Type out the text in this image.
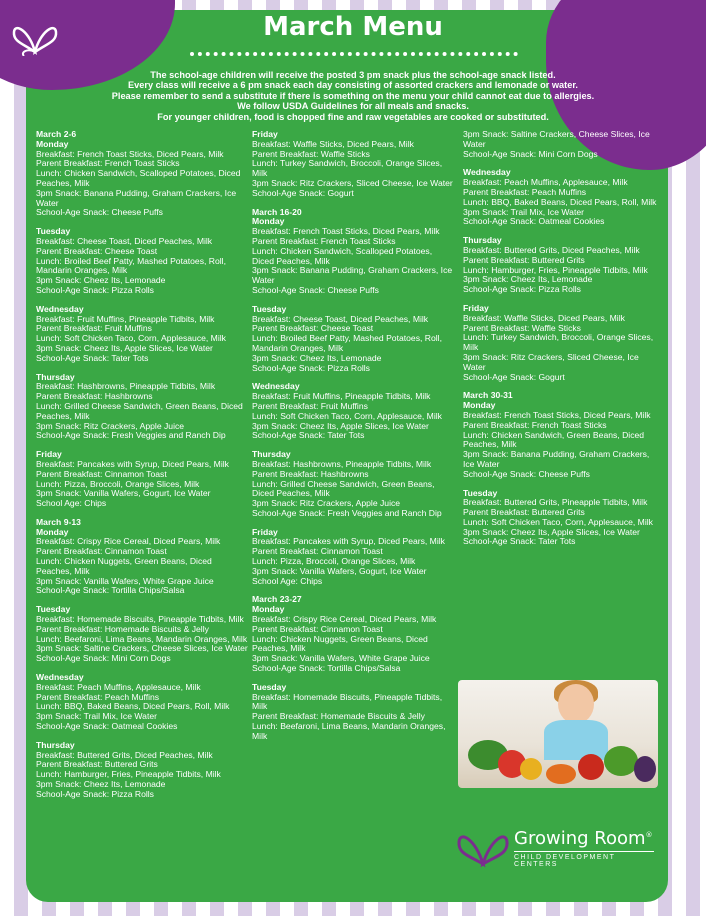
March Menu
The school-age children will receive the posted 3 pm snack plus the school-age snack listed.
Every class will receive a 6 pm snack each day consisting of assorted crackers and lemonade or water.
Please remember to send a substitute if there is something on the menu your child cannot eat due to allergies.
We follow USDA Guidelines for all meals and snacks.
For younger children, food is chopped fine and raw vegetables are cooked or substituted.
March 2-6
Monday
Breakfast: French Toast Sticks, Diced Pears, Milk
Parent Breakfast: French Toast Sticks
Lunch: Chicken Sandwich, Scalloped Potatoes, Diced Peaches, Milk
3pm Snack: Banana Pudding, Graham Crackers, Ice Water
School-Age Snack: Cheese Puffs
Tuesday
Breakfast: Cheese Toast, Diced Peaches, Milk
Parent Breakfast: Cheese Toast
Lunch: Broiled Beef Patty, Mashed Potatoes, Roll, Mandarin Oranges, Milk
3pm Snack: Cheez Its, Lemonade
School-Age Snack: Pizza Rolls
Wednesday
Breakfast: Fruit Muffins, Pineapple Tidbits, Milk
Parent Breakfast: Fruit Muffins
Lunch: Soft Chicken Taco, Corn, Applesauce, Milk
3pm Snack: Cheez Its, Apple Slices, Ice Water
School-Age Snack: Tater Tots
Thursday
Breakfast: Hashbrowns, Pineapple Tidbits, Milk
Parent Breakfast: Hashbrowns
Lunch: Grilled Cheese Sandwich, Green Beans, Diced Peaches, Milk
3pm Snack: Ritz Crackers, Apple Juice
School-Age Snack: Fresh Veggies and Ranch Dip
Friday
Breakfast: Pancakes with Syrup, Diced Pears, Milk
Parent Breakfast: Cinnamon Toast
Lunch: Pizza, Broccoli, Orange Slices, Milk
3pm Snack: Vanilla Wafers, Gogurt, Ice Water
School Age: Chips
March 9-13
Monday
Breakfast: Crispy Rice Cereal, Diced Pears, Milk
Parent Breakfast: Cinnamon Toast
Lunch: Chicken Nuggets, Green Beans, Diced Peaches, Milk
3pm Snack: Vanilla Wafers, White Grape Juice
School-Age Snack: Tortilla Chips/Salsa
Tuesday
Breakfast: Homemade Biscuits, Pineapple Tidbits, Milk
Parent Breakfast: Homemade Biscuits & Jelly
Lunch: Beefaroni, Lima Beans, Mandarin Oranges, Milk
3pm Snack: Saltine Crackers, Cheese Slices, Ice Water
School-Age Snack: Mini Corn Dogs
Wednesday
Breakfast: Peach Muffins, Applesauce, Milk
Parent Breakfast: Peach Muffins
Lunch: BBQ, Baked Beans, Diced Pears, Roll, Milk
3pm Snack: Trail Mix, Ice Water
School-Age Snack: Oatmeal Cookies
Thursday
Breakfast: Buttered Grits, Diced Peaches, Milk
Parent Breakfast: Buttered Grits
Lunch: Hamburger, Fries, Pineapple Tidbits, Milk
3pm Snack: Cheez Its, Lemonade
School-Age Snack: Pizza Rolls
Friday
Breakfast: Waffle Sticks, Diced Pears, Milk
Parent Breakfast: Waffle Sticks
Lunch: Turkey Sandwich, Broccoli, Orange Slices, Milk
3pm Snack: Ritz Crackers, Sliced Cheese, Ice Water
School-Age Snack: Gogurt
March 16-20
Monday
Breakfast: French Toast Sticks, Diced Pears, Milk
Parent Breakfast: French Toast Sticks
Lunch: Chicken Sandwich, Scalloped Potatoes, Diced Peaches, Milk
3pm Snack: Banana Pudding, Graham Crackers, Ice Water
School-Age Snack: Cheese Puffs
Tuesday
Breakfast: Cheese Toast, Diced Peaches, Milk
Parent Breakfast: Cheese Toast
Lunch: Broiled Beef Patty, Mashed Potatoes, Roll, Mandarin Oranges, Milk
3pm Snack: Cheez Its, Lemonade
School-Age Snack: Pizza Rolls
Wednesday
Breakfast: Fruit Muffins, Pineapple Tidbits, Milk
Parent Breakfast: Fruit Muffins
Lunch: Soft Chicken Taco, Corn, Applesauce, Milk
3pm Snack: Cheez Its, Apple Slices, Ice Water
School-Age Snack: Tater Tots
Thursday
Breakfast: Hashbrowns, Pineapple Tidbits, Milk
Parent Breakfast: Hashbrowns
Lunch: Grilled Cheese Sandwich, Green Beans, Diced Peaches, Milk
3pm Snack: Ritz Crackers, Apple Juice
School-Age Snack: Fresh Veggies and Ranch Dip
Friday
Breakfast: Pancakes with Syrup, Diced Pears, Milk
Parent Breakfast: Cinnamon Toast
Lunch: Pizza, Broccoli, Orange Slices, Milk
3pm Snack: Vanilla Wafers, Gogurt, Ice Water
School Age: Chips
March 23-27
Monday
Breakfast: Crispy Rice Cereal, Diced Pears, Milk
Parent Breakfast: Cinnamon Toast
Lunch: Chicken Nuggets, Green Beans, Diced Peaches, Milk
3pm Snack: Vanilla Wafers, White Grape Juice
School-Age Snack: Tortilla Chips/Salsa
Tuesday
Breakfast: Homemade Biscuits, Pineapple Tidbits, Milk
Parent Breakfast: Homemade Biscuits & Jelly
Lunch: Beefaroni, Lima Beans, Mandarin Oranges, Milk
3pm Snack: Saltine Crackers, Cheese Slices, Ice Water
School-Age Snack: Mini Corn Dogs
Wednesday
Breakfast: Peach Muffins, Applesauce, Milk
Parent Breakfast: Peach Muffins
Lunch: BBQ, Baked Beans, Diced Pears, Roll, Milk
3pm Snack: Trail Mix, Ice Water
School-Age Snack: Oatmeal Cookies
Thursday
Breakfast: Buttered Grits, Diced Peaches, Milk
Parent Breakfast: Buttered Grits
Lunch: Hamburger, Fries, Pineapple Tidbits, Milk
3pm Snack: Cheez Its, Lemonade
School-Age Snack: Pizza Rolls
Friday
Breakfast: Waffle Sticks, Diced Pears, Milk
Parent Breakfast: Waffle Sticks
Lunch: Turkey Sandwich, Broccoli, Orange Slices, Milk
3pm Snack: Ritz Crackers, Sliced Cheese, Ice Water
School-Age Snack: Gogurt
March 30-31
Monday
Breakfast: French Toast Sticks, Diced Pears, Milk
Parent Breakfast: French Toast Sticks
Lunch: Chicken Sandwich, Green Beans, Diced Peaches, Milk
3pm Snack: Banana Pudding, Graham Crackers, Ice Water
School-Age Snack: Cheese Puffs
Tuesday
Breakfast: Buttered Grits, Pineapple Tidbits, Milk
Parent Breakfast: Buttered Grits
Lunch: Soft Chicken Taco, Corn, Applesauce, Milk
3pm Snack: Cheez Its, Apple Slices, Ice Water
School-Age Snack: Tater Tots
Growing Room®
CHILD DEVELOPMENT CENTERS
